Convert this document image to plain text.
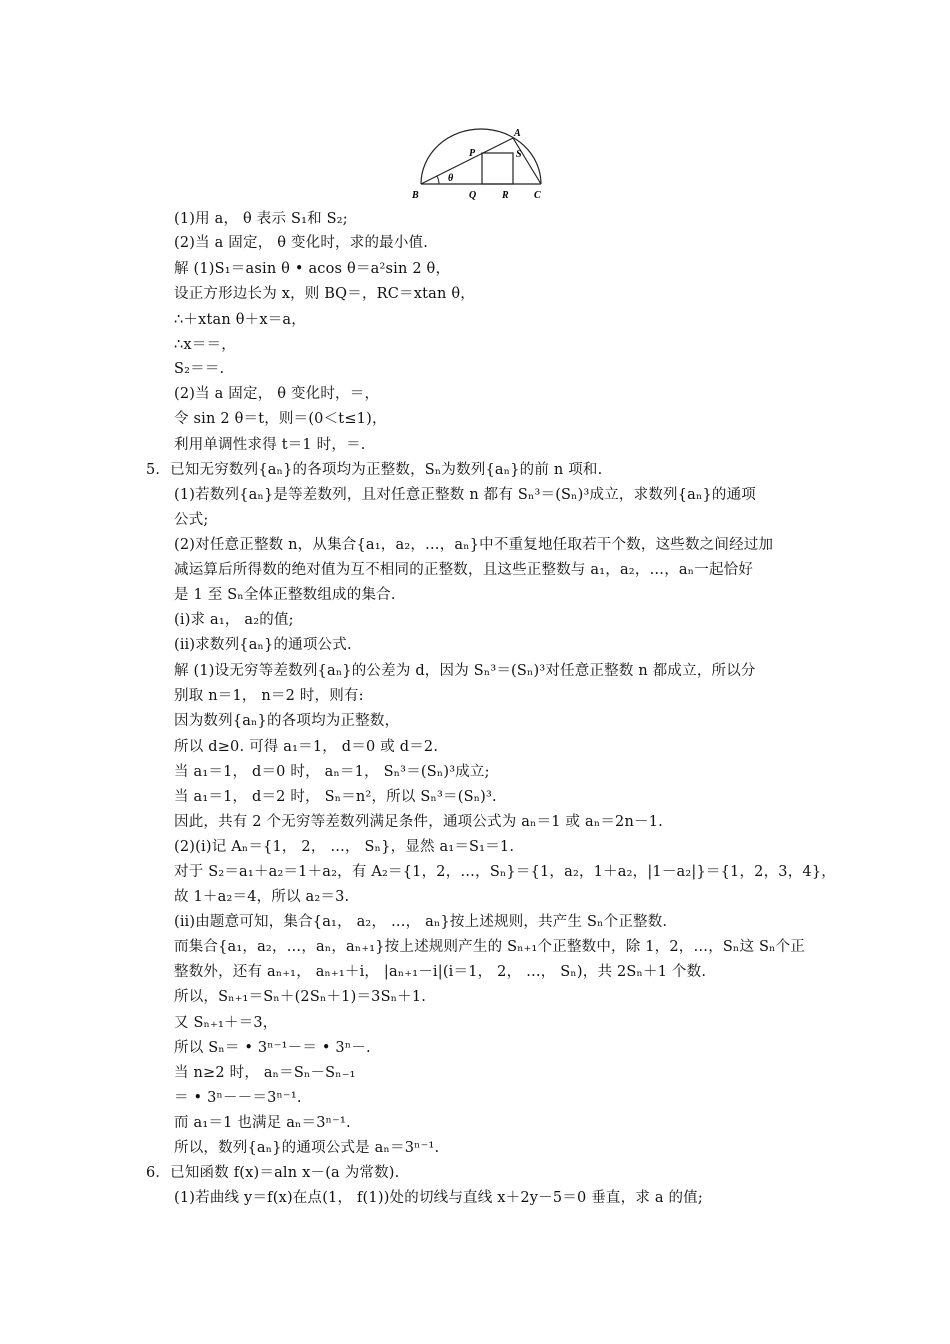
A
B	C
P
Q	R
S
θ
(1)用 a， θ 表示 S₁和 S₂;
(2)当 a 固定， θ 变化时，求的最小值.
解 (1)S₁＝asin θ • acos θ＝a²sin 2 θ，
设正方形边长为 x，则 BQ＝，RC＝xtan θ，
∴＋xtan θ＋x＝a，
∴x＝＝，
S₂＝＝.
(2)当 a 固定， θ 变化时，＝，
令 sin 2 θ＝t，则＝(0＜t≤1)，
利用单调性求得 t＝1 时，＝.
5．已知无穷数列{aₙ}的各项均为正整数，Sₙ为数列{aₙ}的前 n 项和.
(1)若数列{aₙ}是等差数列，且对任意正整数 n 都有 Sₙ³＝(Sₙ)³成立，求数列{aₙ}的通项
公式;
(2)对任意正整数 n，从集合{a₁，a₂，…，aₙ}中不重复地任取若干个数，这些数之间经过加
减运算后所得数的绝对值为互不相同的正整数，且这些正整数与 a₁，a₂，…，aₙ一起恰好
是 1 至 Sₙ全体正整数组成的集合.
(ⅰ)求 a₁， a₂的值;
(ⅱ)求数列{aₙ}的通项公式.
解 (1)设无穷等差数列{aₙ}的公差为 d，因为 Sₙ³＝(Sₙ)³对任意正整数 n 都成立，所以分
别取 n＝1， n＝2 时，则有:
因为数列{aₙ}的各项均为正整数，
所以 d≥0. 可得 a₁＝1， d＝0 或 d＝2.
当 a₁＝1， d＝0 时， aₙ＝1， Sₙ³＝(Sₙ)³成立;
当 a₁＝1， d＝2 时， Sₙ＝n²，所以 Sₙ³＝(Sₙ)³.
因此，共有 2 个无穷等差数列满足条件，通项公式为 aₙ＝1 或 aₙ＝2n－1.
(2)(ⅰ)记 Aₙ＝{1， 2， …， Sₙ}，显然 a₁＝S₁＝1.
对于 S₂＝a₁＋a₂＝1＋a₂，有 A₂＝{1，2，…，Sₙ}＝{1，a₂，1＋a₂，|1－a₂|}＝{1，2，3，4}，
故 1＋a₂＝4，所以 a₂＝3.
(ⅱ)由题意可知，集合{a₁， a₂， …， aₙ}按上述规则，共产生 Sₙ个正整数.
而集合{a₁，a₂，…，aₙ，aₙ₊₁}按上述规则产生的 Sₙ₊₁个正整数中，除 1，2，…，Sₙ这 Sₙ个正
整数外，还有 aₙ₊₁， aₙ₊₁＋i， |aₙ₊₁－i|(i＝1， 2， …， Sₙ)，共 2Sₙ＋1 个数.
所以，Sₙ₊₁＝Sₙ＋(2Sₙ＋1)＝3Sₙ＋1.
又 Sₙ₊₁＋＝3，
所以 Sₙ＝ • 3ⁿ⁻¹－＝ • 3ⁿ－.
当 n≥2 时， aₙ＝Sₙ－Sₙ₋₁
＝ • 3ⁿ－－＝3ⁿ⁻¹.
而 a₁＝1 也满足 aₙ＝3ⁿ⁻¹.
所以，数列{aₙ}的通项公式是 aₙ＝3ⁿ⁻¹.
6．已知函数 f(x)＝aln x－(a 为常数).
(1)若曲线 y＝f(x)在点(1， f(1))处的切线与直线 x＋2y－5＝0 垂直，求 a 的值;
